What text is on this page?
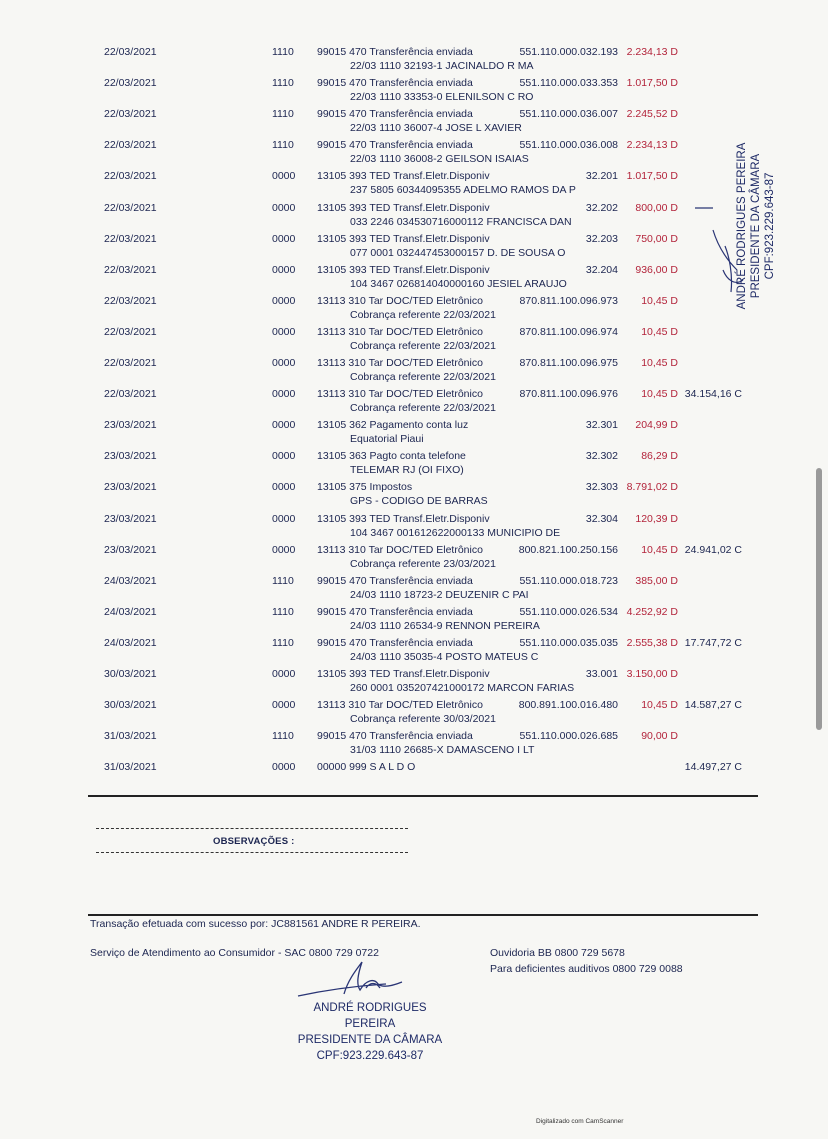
22/03/2021	1110 99015 470 Transferência enviada	551.110.000.032.193 2.234,13 D
22/03 1110 32193-1 JACINALDO R MA
22/03/2021	1110 99015 470 Transferência enviada	551.110.000.033.353 1.017,50 D
22/03 1110 33353-0 ELENILSON C RO
22/03/2021	1110 99015 470 Transferência enviada	551.110.000.036.007 2.245,52 D
22/03 1110 36007-4 JOSE L XAVIER
22/03/2021	1110 99015 470 Transferência enviada	551.110.000.036.008 2.234,13 D
22/03 1110 36008-2 GEILSON ISAIAS
22/03/2021	0000 13105 393 TED Transf.Eletr.Disponiv	32.201 1.017,50 D
237 5805 60344095355 ADELMO RAMOS DA P
22/03/2021	0000 13105 393 TED Transf.Eletr.Disponiv	32.202 800,00 D
033 2246 034530716000112 FRANCISCA DAN
22/03/2021	0000 13105 393 TED Transf.Eletr.Disponiv	32.203 750,00 D
077 0001 032447453000157 D. DE SOUSA O
22/03/2021	0000 13105 393 TED Transf.Eletr.Disponiv	32.204 936,00 D
104 3467 026814040000160 JESIEL ARAUJO
22/03/2021	0000 13113 310 Tar DOC/TED Eletrônico	870.811.100.096.973 10,45 D
Cobrança referente 22/03/2021
22/03/2021	0000 13113 310 Tar DOC/TED Eletrônico	870.811.100.096.974 10,45 D
Cobrança referente 22/03/2021
22/03/2021	0000 13113 310 Tar DOC/TED Eletrônico	870.811.100.096.975 10,45 D
Cobrança referente 22/03/2021
22/03/2021	0000 13113 310 Tar DOC/TED Eletrônico	870.811.100.096.976 10,45 D 34.154,16 C
Cobrança referente 22/03/2021
23/03/2021	0000 13105 362 Pagamento conta luz	32.301 204,99 D
Equatorial Piaui
23/03/2021	0000 13105 363 Pagto conta telefone	32.302 86,29 D
TELEMAR RJ (OI FIXO)
23/03/2021	0000 13105 375 Impostos	32.303 8.791,02 D
GPS - CODIGO DE BARRAS
23/03/2021	0000 13105 393 TED Transf.Eletr.Disponiv	32.304 120,39 D
104 3467 001612622000133 MUNICIPIO DE
23/03/2021	0000 13113 310 Tar DOC/TED Eletrônico	800.821.100.250.156 10,45 D 24.941,02 C
Cobrança referente 23/03/2021
24/03/2021	1110 99015 470 Transferência enviada	551.110.000.018.723 385,00 D
24/03 1110 18723-2 DEUZENIR C PAI
24/03/2021	1110 99015 470 Transferência enviada	551.110.000.026.534 4.252,92 D
24/03 1110 26534-9 RENNON PEREIRA
24/03/2021	1110 99015 470 Transferência enviada	551.110.000.035.035 2.555,38 D 17.747,72 C
24/03 1110 35035-4 POSTO MATEUS C
30/03/2021	0000 13105 393 TED Transf.Eletr.Disponiv	33.001 3.150,00 D
260 0001 035207421000172 MARCON FARIAS
30/03/2021	0000 13113 310 Tar DOC/TED Eletrônico	800.891.100.016.480 10,45 D 14.587,27 C
Cobrança referente 30/03/2021
31/03/2021	1110 99015 470 Transferência enviada	551.110.000.026.685 90,00 D
31/03 1110 26685-X DAMASCENO I LT
31/03/2021	0000 00000 999 S A L D O	14.497,27 C
OBSERVAÇÕES :
Transação efetuada com sucesso por: JC881561 ANDRE R PEREIRA.
Serviço de Atendimento ao Consumidor - SAC 0800 729 0722	Ouvidoria BB 0800 729 5678
Para deficientes auditivos 0800 729 0088
ANDRÉ RODRIGUES PEREIRA
PRESIDENTE DA CÂMARA
CPF:923.229.643-87
ANDRÉ RODRIGUES PEREIRA PRESIDENTE DA CÂMARA CPF:923.229.643-87
Digitalizado com CamScanner
